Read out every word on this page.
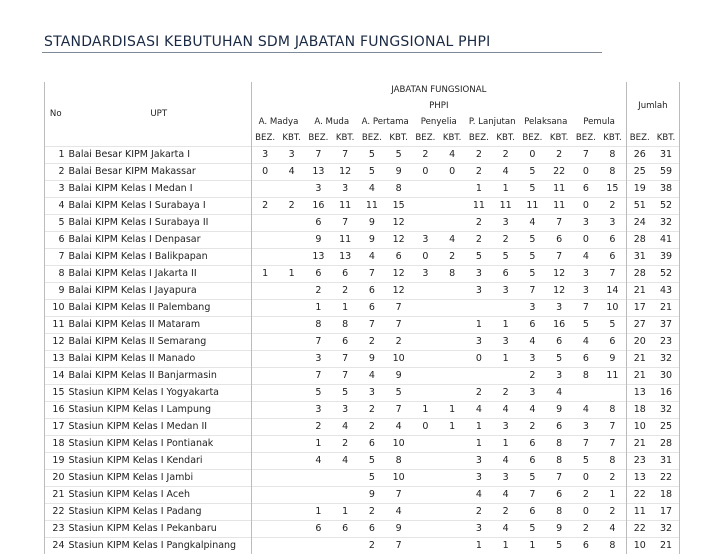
STANDARDISASI KEBUTUHAN SDM JABATAN FUNGSIONAL PHPI
No	UPT	JABATAN FUNGSIONAL														Jumlah	
		PHPI															
		A. Madya		A. Muda		A. Pertama		Penyelia		P. Lanjutan		Pelaksana		Pemula			
		BEZ.	KBT.	BEZ.	KBT.	BEZ.	KBT.	BEZ.	KBT.	BEZ.	KBT.	BEZ.	KBT.	BEZ.	KBT.	BEZ.	KBT.
1	Balai Besar KIPM Jakarta I	3	3	7	7	5	5	2	4	2	2	0	2	7	8	26	31
2	Balai Besar KIPM Makassar	0	4	13	12	5	9	0	0	2	4	5	22	0	8	25	59
3	Balai KIPM Kelas I Medan I			3	3	4	8			1	1	5	11	6	15	19	38
4	Balai KIPM Kelas I Surabaya I	2	2	16	11	11	15			11	11	11	11	0	2	51	52
5	Balai KIPM Kelas I Surabaya II			6	7	9	12			2	3	4	7	3	3	24	32
6	Balai KIPM Kelas I Denpasar			9	11	9	12	3	4	2	2	5	6	0	6	28	41
7	Balai KIPM Kelas I Balikpapan			13	13	4	6	0	2	5	5	5	7	4	6	31	39
8	Balai KIPM Kelas I Jakarta II	1	1	6	6	7	12	3	8	3	6	5	12	3	7	28	52
9	Balai KIPM Kelas I Jayapura			2	2	6	12			3	3	7	12	3	14	21	43
10	Balai KIPM Kelas II Palembang			1	1	6	7					3	3	7	10	17	21
11	Balai KIPM Kelas II Mataram			8	8	7	7			1	1	6	16	5	5	27	37
12	Balai KIPM Kelas II Semarang			7	6	2	2			3	3	4	6	4	6	20	23
13	Balai KIPM Kelas II Manado			3	7	9	10			0	1	3	5	6	9	21	32
14	Balai KIPM Kelas II Banjarmasin			7	7	4	9					2	3	8	11	21	30
15	Stasiun KIPM Kelas I Yogyakarta			5	5	3	5			2	2	3	4			13	16
16	Stasiun KIPM Kelas I Lampung			3	3	2	7	1	1	4	4	4	9	4	8	18	32
17	Stasiun KIPM Kelas I Medan II			2	4	2	4	0	1	1	3	2	6	3	7	10	25
18	Stasiun KIPM Kelas I Pontianak			1	2	6	10			1	1	6	8	7	7	21	28
19	Stasiun KIPM Kelas I Kendari			4	4	5	8			3	4	6	8	5	8	23	31
20	Stasiun KIPM Kelas I Jambi					5	10			3	3	5	7	0	2	13	22
21	Stasiun KIPM Kelas I Aceh					9	7			4	4	7	6	2	1	22	18
22	Stasiun KIPM Kelas I Padang			1	1	2	4			2	2	6	8	0	2	11	17
23	Stasiun KIPM Kelas I Pekanbaru			6	6	6	9			3	4	5	9	2	4	22	32
24	Stasiun KIPM Kelas I Pangkalpinang					2	7			1	1	1	5	6	8	10	21
